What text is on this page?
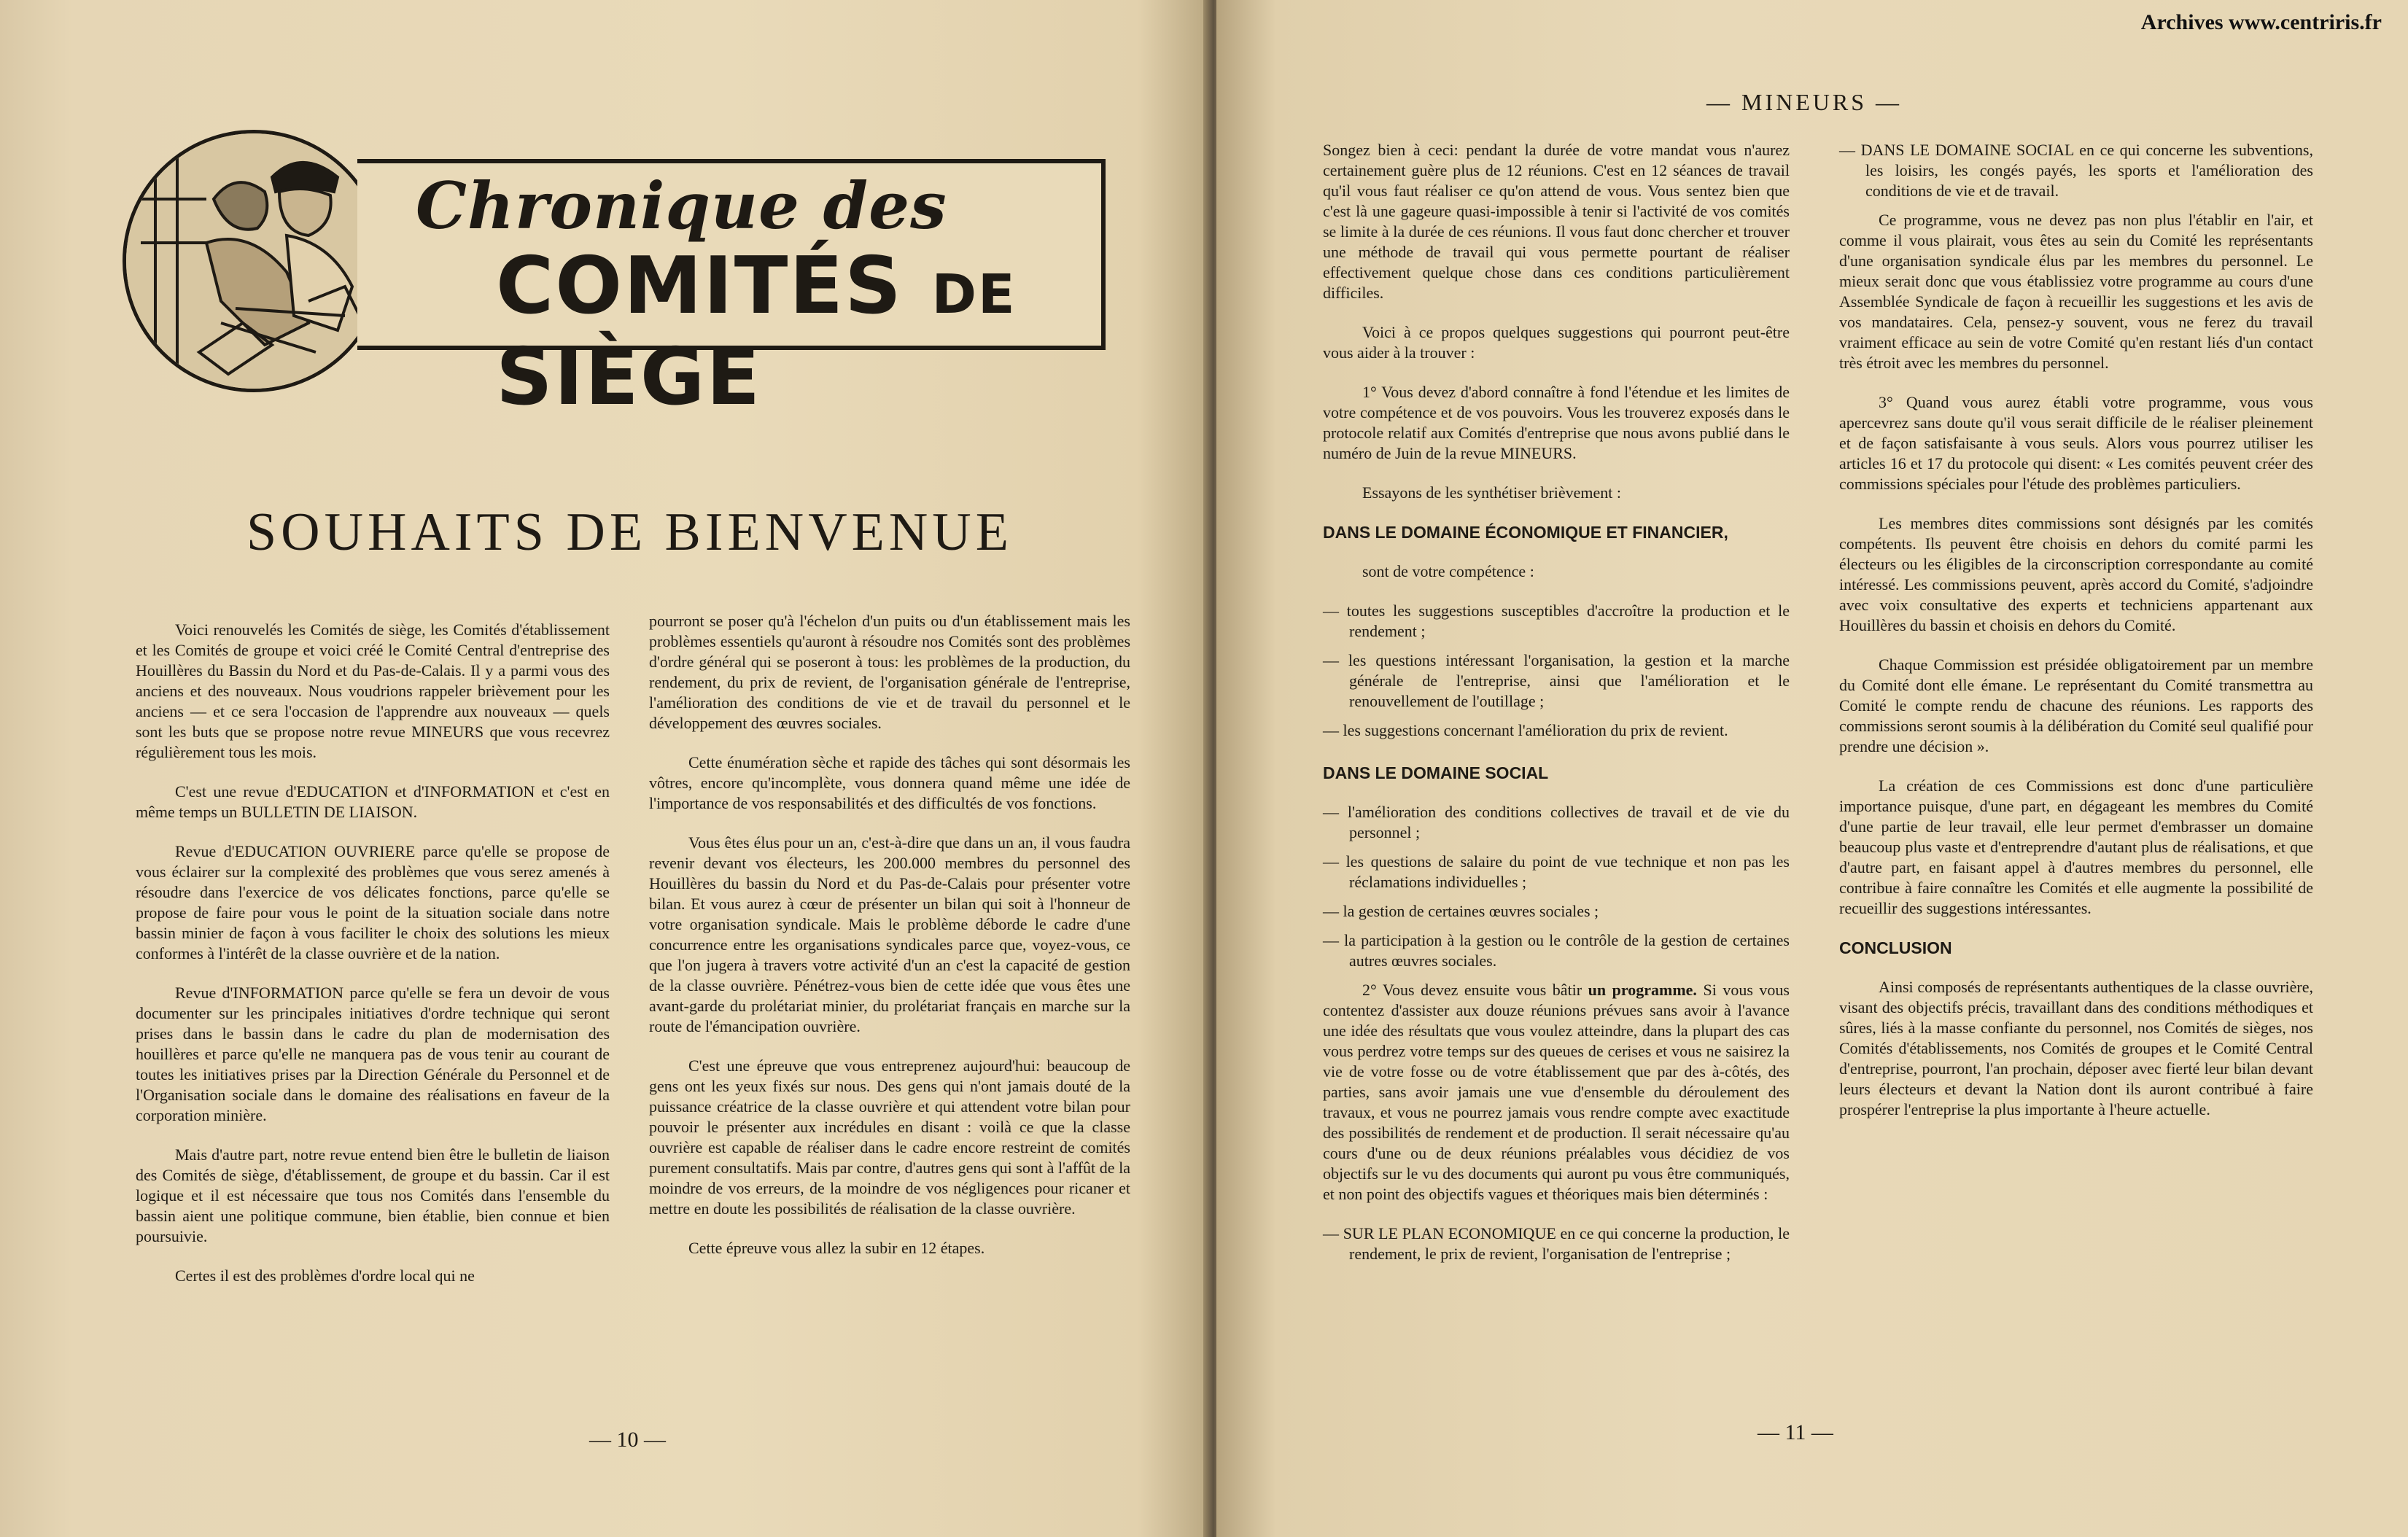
Chronique des
COMITÉS DE SIÈGE
SOUHAITS DE BIENVENUE

Voici renouvelés les Comités de siège, les Comités d'établissement et les Comités de groupe et voici créé le Comité Central d'entreprise des Houillères du Bassin du Nord et du Pas-de-Calais. Il y a parmi vous des anciens et des nouveaux. Nous voudrions rappeler brièvement pour les anciens — et ce sera l'occasion de l'apprendre aux nouveaux — quels sont les buts que se propose notre revue MINEURS que vous recevrez régulièrement tous les mois.

C'est une revue d'EDUCATION et d'INFORMATION et c'est en même temps un BULLETIN DE LIAISON.

Revue d'EDUCATION OUVRIERE parce qu'elle se propose de vous éclairer sur la complexité des problèmes que vous serez amenés à résoudre dans l'exercice de vos délicates fonctions, parce qu'elle se propose de faire pour vous le point de la situation sociale dans notre bassin minier de façon à vous faciliter le choix des solutions les mieux conformes à l'intérêt de la classe ouvrière et de la nation.

Revue d'INFORMATION parce qu'elle se fera un devoir de vous documenter sur les principales initiatives d'ordre technique qui seront prises dans le bassin dans le cadre du plan de modernisation des houillères et parce qu'elle ne manquera pas de vous tenir au courant de toutes les initiatives prises par la Direction Générale du Personnel et de l'Organisation sociale dans le domaine des réalisations en faveur de la corporation minière.

Mais d'autre part, notre revue entend bien être le bulletin de liaison des Comités de siège, d'établissement, de groupe et du bassin. Car il est logique et il est nécessaire que tous nos Comités dans l'ensemble du bassin aient une politique commune, bien établie, bien connue et bien poursuivie.

Certes il est des problèmes d'ordre local qui ne

pourront se poser qu'à l'échelon d'un puits ou d'un établissement mais les problèmes essentiels qu'auront à résoudre nos Comités sont des problèmes d'ordre général qui se poseront à tous: les problèmes de la production, du rendement, du prix de revient, de l'organisation générale de l'entreprise, l'amélioration des conditions de vie et de travail du personnel et le développement des œuvres sociales.

Cette énumération sèche et rapide des tâches qui sont désormais les vôtres, encore qu'incomplète, vous donnera quand même une idée de l'importance de vos responsabilités et des difficultés de vos fonctions.

Vous êtes élus pour un an, c'est-à-dire que dans un an, il vous faudra revenir devant vos électeurs, les 200.000 membres du personnel des Houillères du bassin du Nord et du Pas-de-Calais pour présenter votre bilan. Et vous aurez à cœur de présenter un bilan qui soit à l'honneur de votre organisation syndicale. Mais le problème déborde le cadre d'une concurrence entre les organisations syndicales parce que, voyez-vous, ce que l'on jugera à travers votre activité d'un an c'est la capacité de gestion de la classe ouvrière. Pénétrez-vous bien de cette idée que vous êtes une avant-garde du prolétariat minier, du prolétariat français en marche sur la route de l'émancipation ouvrière.

C'est une épreuve que vous entreprenez aujourd'hui: beaucoup de gens ont les yeux fixés sur nous. Des gens qui n'ont jamais douté de la puissance créatrice de la classe ouvrière et qui attendent votre bilan pour pouvoir le présenter aux incrédules en disant : voilà ce que la classe ouvrière est capable de réaliser dans le cadre encore restreint de comités purement consultatifs. Mais par contre, d'autres gens qui sont à l'affût de la moindre de vos erreurs, de la moindre de vos négligences pour ricaner et mettre en doute les possibilités de réalisation de la classe ouvrière.

Cette épreuve vous allez la subir en 12 étapes.

— 10 —
Archives www.centriris.fr
— MINEURS —

Songez bien à ceci: pendant la durée de votre mandat vous n'aurez certainement guère plus de 12 réunions. C'est en 12 séances de travail qu'il vous faut réaliser ce qu'on attend de vous. Vous sentez bien que c'est là une gageure quasi-impossible à tenir si l'activité de vos comités se limite à la durée de ces réunions. Il vous faut donc chercher et trouver une méthode de travail qui vous permette pourtant de réaliser effectivement quelque chose dans ces conditions particulièrement difficiles.

Voici à ce propos quelques suggestions qui pourront peut-être vous aider à la trouver :

1° Vous devez d'abord connaître à fond l'étendue et les limites de votre compétence et de vos pouvoirs. Vous les trouverez exposés dans le protocole relatif aux Comités d'entreprise que nous avons publié dans le numéro de Juin de la revue MINEURS.

Essayons de les synthétiser brièvement :

DANS LE DOMAINE ÉCONOMIQUE ET FINANCIER,

sont de votre compétence :

— toutes les suggestions susceptibles d'accroître la production et le rendement ;

— les questions intéressant l'organisation, la gestion et la marche générale de l'entreprise, ainsi que l'amélioration et le renouvellement de l'outillage ;

— les suggestions concernant l'amélioration du prix de revient.

DANS LE DOMAINE SOCIAL

— l'amélioration des conditions collectives de travail et de vie du personnel ;

— les questions de salaire du point de vue technique et non pas les réclamations individuelles ;

— la gestion de certaines œuvres sociales ;

— la participation à la gestion ou le contrôle de la gestion de certaines autres œuvres sociales.

2° Vous devez ensuite vous bâtir un programme. Si vous vous contentez d'assister aux douze réunions prévues sans avoir à l'avance une idée des résultats que vous voulez atteindre, dans la plupart des cas vous perdrez votre temps sur des queues de cerises et vous ne saisirez la vie de votre fosse ou de votre établissement que par des à-côtés, des parties, sans avoir jamais une vue d'ensemble du déroulement des travaux, et vous ne pourrez jamais vous rendre compte avec exactitude des possibilités de rendement et de production. Il serait nécessaire qu'au cours d'une ou de deux réunions préalables vous décidiez de vos objectifs sur le vu des documents qui auront pu vous être communiqués, et non point des objectifs vagues et théoriques mais bien déterminés :

— SUR LE PLAN ECONOMIQUE en ce qui concerne la production, le rendement, le prix de revient, l'organisation de l'entreprise ;

— DANS LE DOMAINE SOCIAL en ce qui concerne les subventions, les loisirs, les congés payés, les sports et l'amélioration des conditions de vie et de travail.

Ce programme, vous ne devez pas non plus l'établir en l'air, et comme il vous plairait, vous êtes au sein du Comité les représentants d'une organisation syndicale élus par les membres du personnel. Le mieux serait donc que vous établissiez votre programme au cours d'une Assemblée Syndicale de façon à recueillir les suggestions et les avis de vos mandataires. Cela, pensez-y souvent, vous ne ferez du travail vraiment efficace au sein de votre Comité qu'en restant liés d'un contact très étroit avec les membres du personnel.

3° Quand vous aurez établi votre programme, vous vous apercevrez sans doute qu'il vous serait difficile de le réaliser pleinement et de façon satisfaisante à vous seuls. Alors vous pourrez utiliser les articles 16 et 17 du protocole qui disent: « Les comités peuvent créer des commissions spéciales pour l'étude des problèmes particuliers.

Les membres dites commissions sont désignés par les comités compétents. Ils peuvent être choisis en dehors du comité parmi les électeurs ou les éligibles de la circonscription correspondante au comité intéressé. Les commissions peuvent, après accord du Comité, s'adjoindre avec voix consultative des experts et techniciens appartenant aux Houillères du bassin et choisis en dehors du Comité.

Chaque Commission est présidée obligatoirement par un membre du Comité dont elle émane. Le représentant du Comité transmettra au Comité le compte rendu de chacune des réunions. Les rapports des commissions seront soumis à la délibération du Comité seul qualifié pour prendre une décision ».

La création de ces Commissions est donc d'une particulière importance puisque, d'une part, en dégageant les membres du Comité d'une partie de leur travail, elle leur permet d'embrasser un domaine beaucoup plus vaste et d'entreprendre d'autant plus de réalisations, et que d'autre part, en faisant appel à d'autres membres du personnel, elle contribue à faire connaître les Comités et elle augmente la possibilité de recueillir des suggestions intéressantes.

CONCLUSION

Ainsi composés de représentants authentiques de la classe ouvrière, visant des objectifs précis, travaillant dans des conditions méthodiques et sûres, liés à la masse confiante du personnel, nos Comités de sièges, nos Comités d'établissements, nos Comités de groupes et le Comité Central d'entreprise, pourront, l'an prochain, déposer avec fierté leur bilan devant leurs électeurs et devant la Nation dont ils auront contribué à faire prospérer l'entreprise la plus importante à l'heure actuelle.

— 11 —
